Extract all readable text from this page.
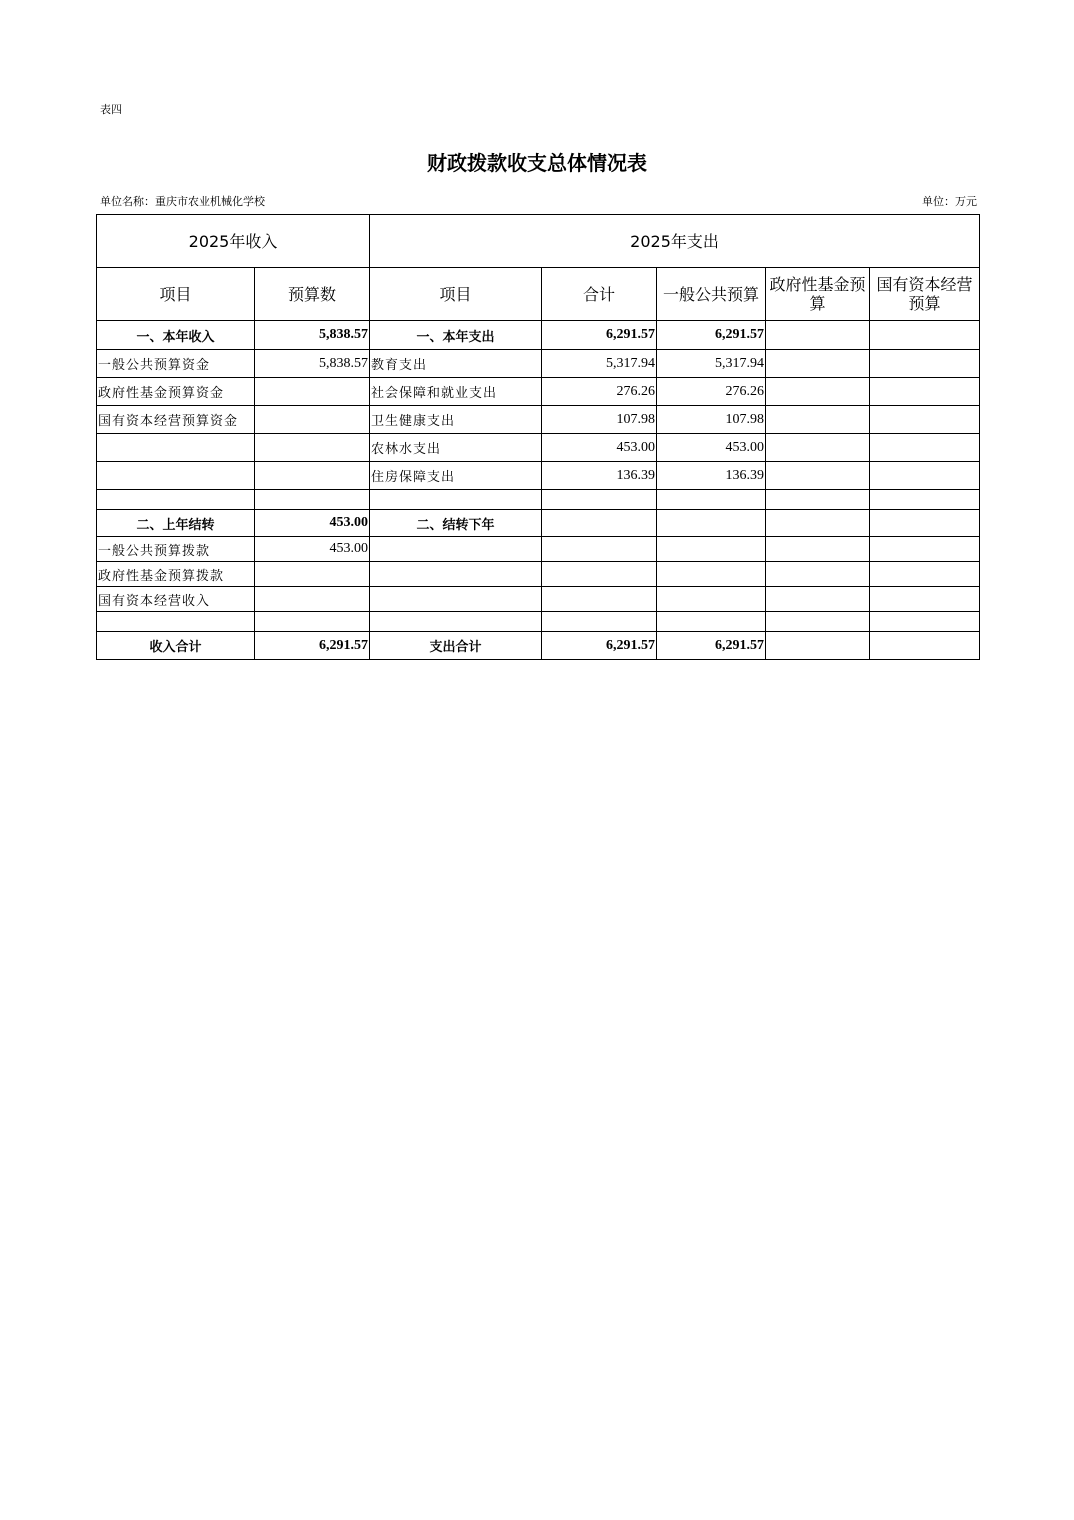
表四
财政拨款收支总体情况表
单位名称：重庆市农业机械化学校	单位：万元
2025年收入		2025年支出				
项目	预算数	项目	合计	一般公共预算	政府性基金预算	国有资本经营预算
一、本年收入	5,838.57	一、本年支出	6,291.57	6,291.57		
一般公共预算资金	5,838.57	教育支出	5,317.94	5,317.94		
政府性基金预算资金		社会保障和就业支出	276.26	276.26		
国有资本经营预算资金		卫生健康支出	107.98	107.98		
		农林水支出	453.00	453.00		
		住房保障支出	136.39	136.39		

二、上年结转	453.00	二、结转下年				
一般公共预算拨款	453.00					
政府性基金预算拨款						
国有资本经营收入						

收入合计	6,291.57	支出合计	6,291.57	6,291.57		
